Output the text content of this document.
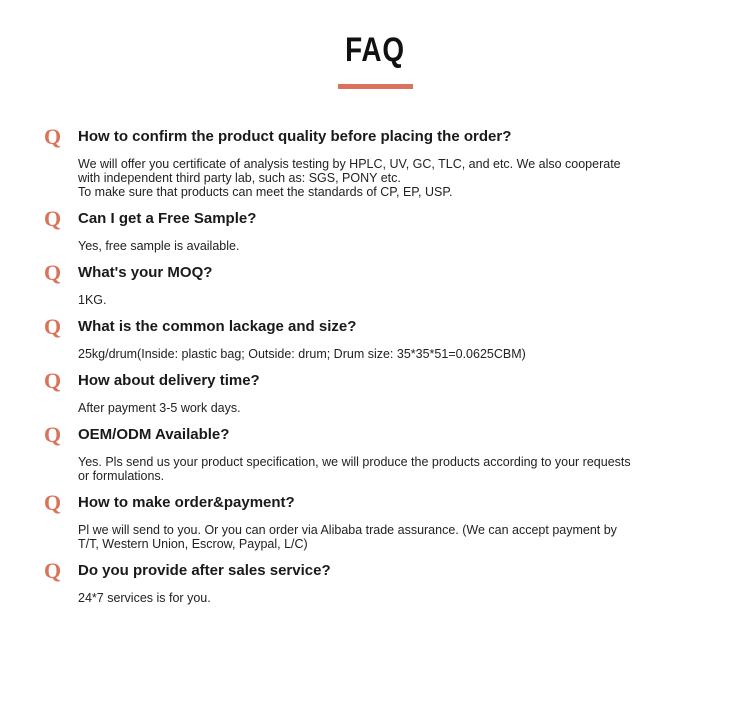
FAQ
Q How to confirm the product quality before placing the order?
We will offer you certificate of analysis testing by HPLC, UV, GC, TLC, and etc. We also cooperate
with independent third party lab, such as: SGS, PONY etc.
To make sure that products can meet the standards of CP, EP, USP.
Q Can I get a Free Sample?
Yes, free sample is available.
Q What's your MOQ?
1KG.
Q What is the common lackage and size?
25kg/drum(Inside: plastic bag; Outside: drum; Drum size: 35*35*51=0.0625CBM)
Q How about delivery time?
After payment 3-5 work days.
Q OEM/ODM Available?
Yes. Pls send us your product specification, we will produce the products according to your requests
or formulations.
Q How to make order&payment?
Pl we will send to you. Or you can order via Alibaba trade assurance. (We can accept payment by
T/T, Western Union, Escrow, Paypal, L/C)
Q Do you provide after sales service?
24*7 services is for you.
